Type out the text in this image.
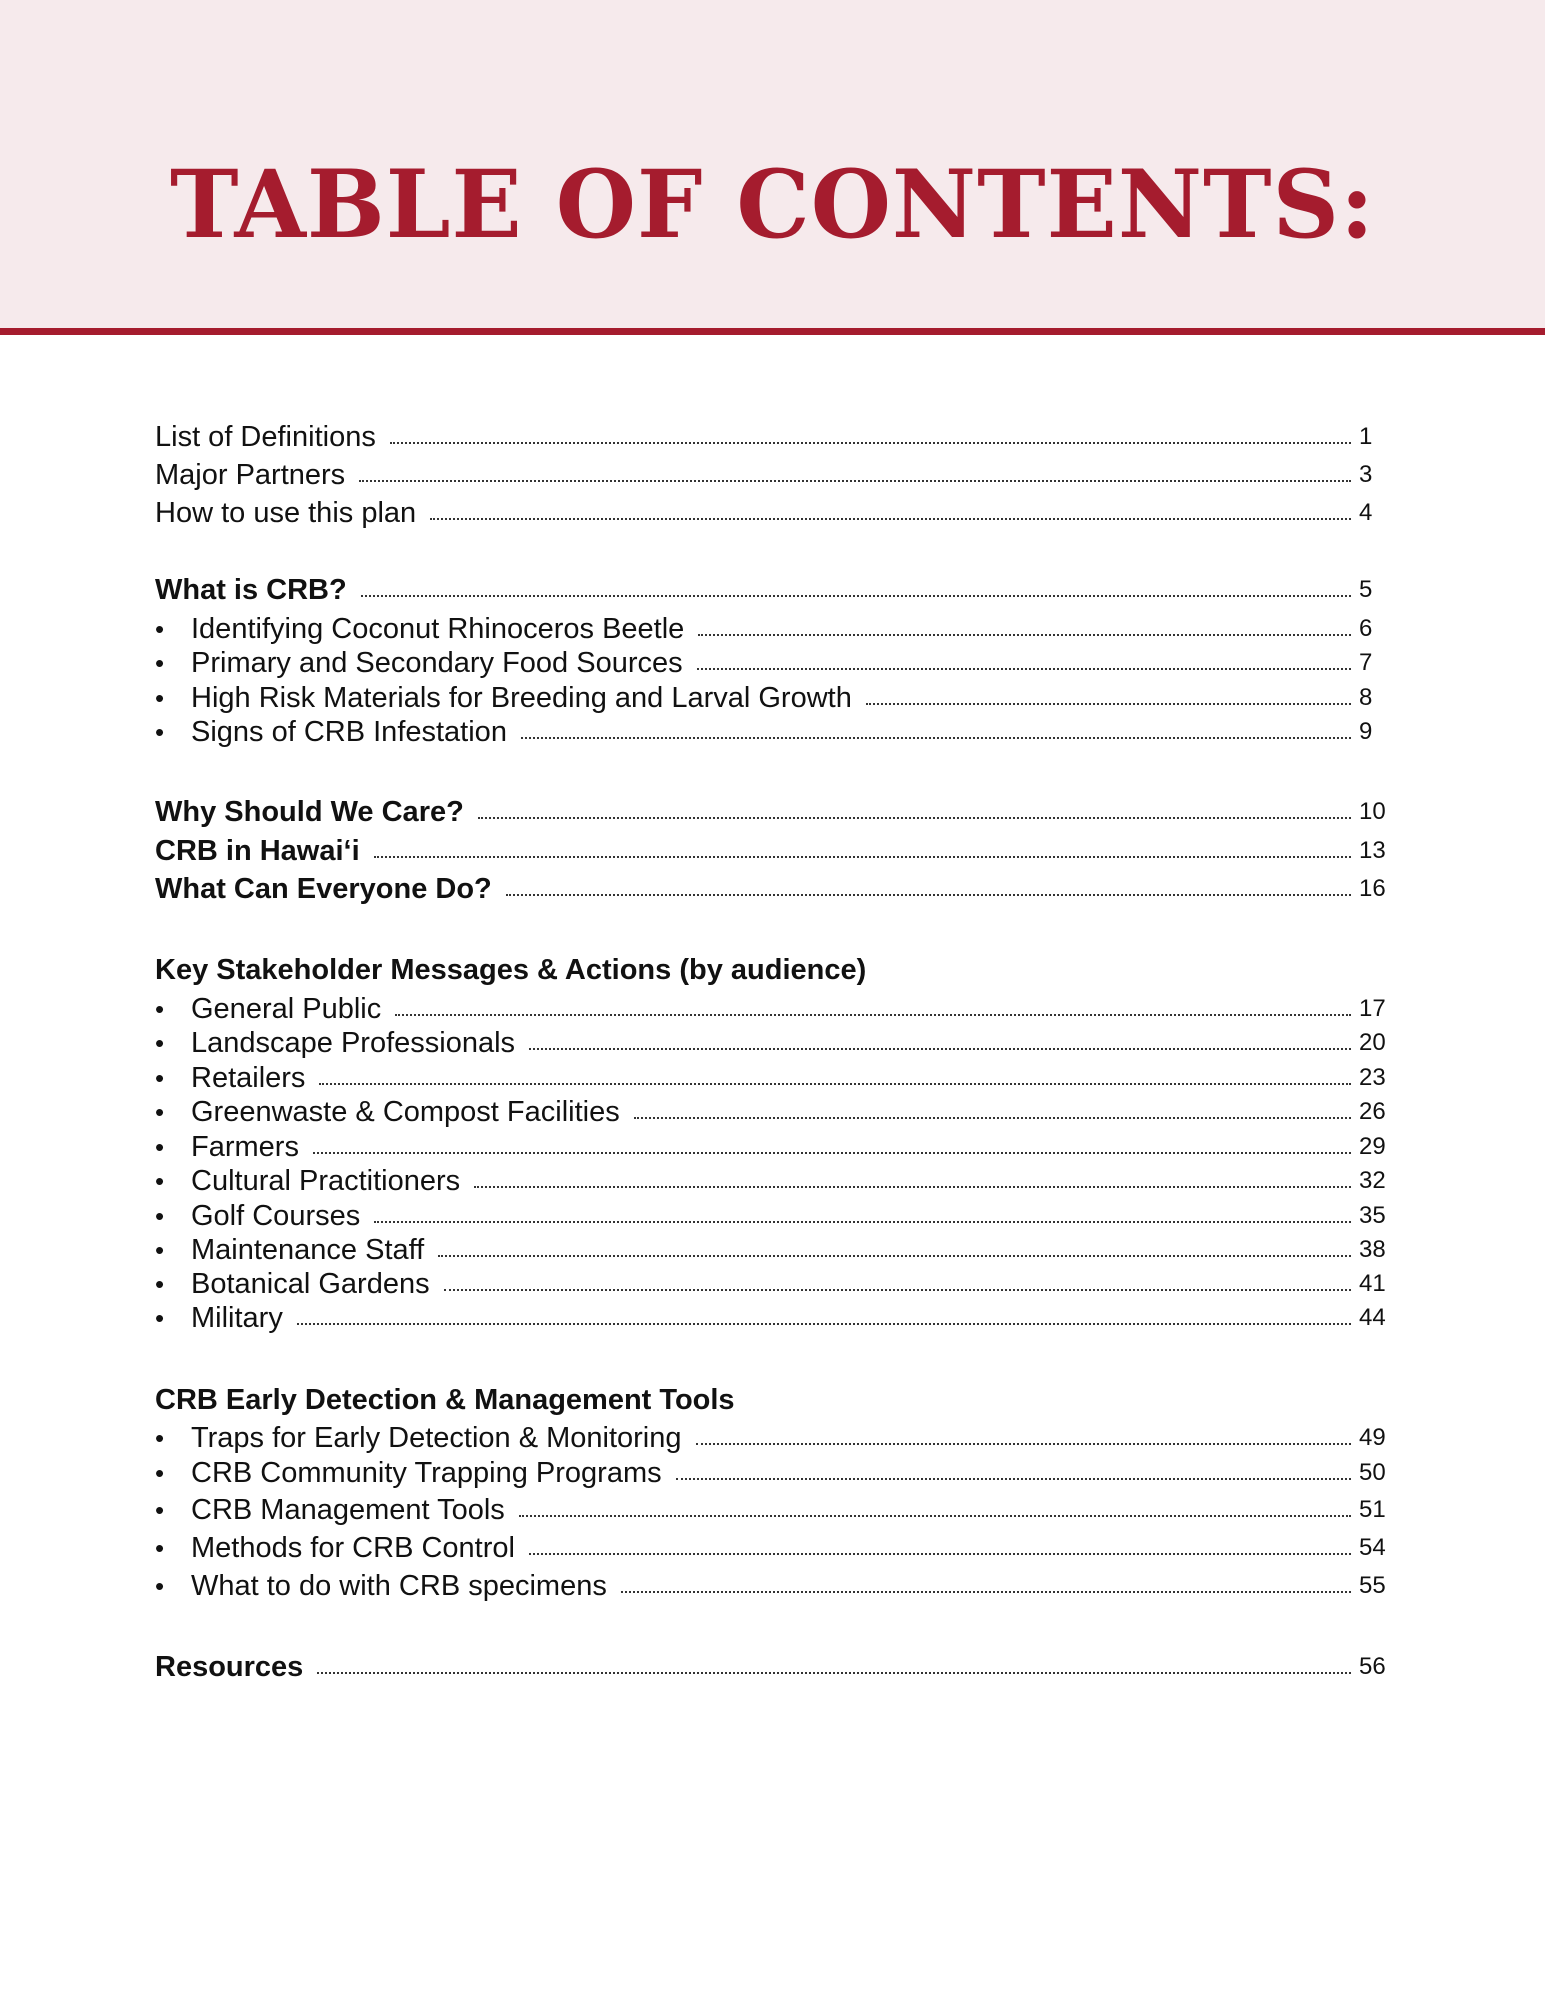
TABLE OF CONTENTS:
List of Definitions	1
Major Partners	3
How to use this plan	4
What is CRB?	5
• Identifying Coconut Rhinoceros Beetle	6
• Primary and Secondary Food Sources	7
• High Risk Materials for Breeding and Larval Growth	8
• Signs of CRB Infestation	9
Why Should We Care?	10
CRB in Hawai‘i	13
What Can Everyone Do?	16
Key Stakeholder Messages & Actions (by audience)
• General Public	17
• Landscape Professionals	20
• Retailers	23
• Greenwaste & Compost Facilities	26
• Farmers	29
• Cultural Practitioners	32
• Golf Courses	35
• Maintenance Staff	38
• Botanical Gardens	41
• Military	44
CRB Early Detection & Management Tools
• Traps for Early Detection & Monitoring	49
• CRB Community Trapping Programs	50
• CRB Management Tools	51
• Methods for CRB Control	54
• What to do with CRB specimens	55
Resources	56
